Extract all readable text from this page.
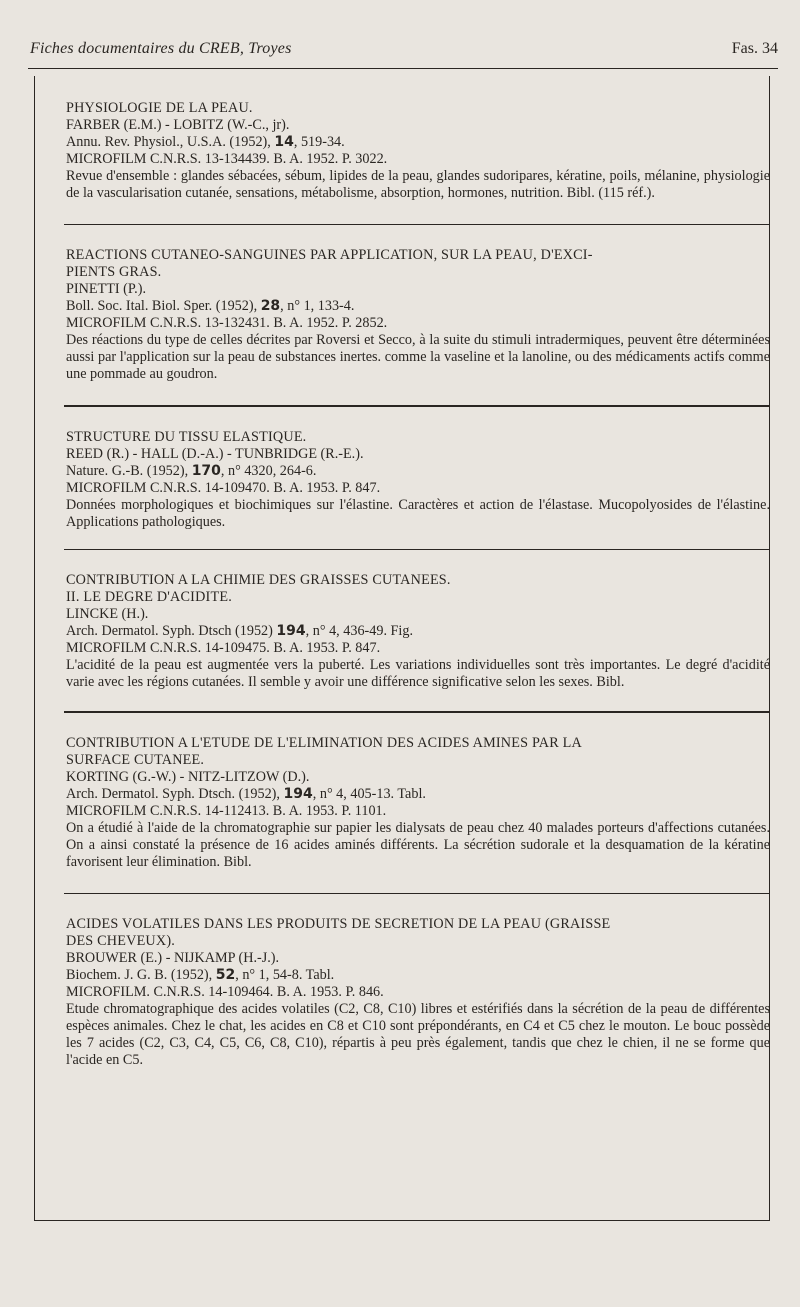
Fiches documentaires du CREB, Troyes	Fas. 34
PHYSIOLOGIE DE LA PEAU.
FARBER (E.M.) - LOBITZ (W.-C., jr).
Annu. Rev. Physiol., U.S.A. (1952), 14, 519-34.
MICROFILM C.N.R.S. 13-134439. B. A. 1952. P. 3022.
Revue d'ensemble : glandes sébacées, sébum, lipides de la peau, glandes sudoripares, kératine, poils, mélanine, physiologie de la vascularisation cutanée, sensations, métabolisme, absorption, hormones, nutrition. Bibl. (115 réf.).
REACTIONS CUTANEO-SANGUINES PAR APPLICATION, SUR LA PEAU, D'EXCI-
PIENTS GRAS.
PINETTI (P.).
Boll. Soc. Ital. Biol. Sper. (1952), 28, n° 1, 133-4.
MICROFILM C.N.R.S. 13-132431. B. A. 1952. P. 2852.
Des réactions du type de celles décrites par Roversi et Secco, à la suite du stimuli intradermiques, peuvent être déterminées aussi par l'application sur la peau de substances inertes. comme la vaseline et la lanoline, ou des médicaments actifs comme une pommade au goudron.
STRUCTURE DU TISSU ELASTIQUE.
REED (R.) - HALL (D.-A.) - TUNBRIDGE (R.-E.).
Nature. G.-B. (1952), 170, n° 4320, 264-6.
MICROFILM C.N.R.S. 14-109470. B. A. 1953. P. 847.
Données morphologiques et biochimiques sur l'élastine. Caractères et action de l'élastase. Mucopolyosides de l'élastine. Applications pathologiques.
CONTRIBUTION A LA CHIMIE DES GRAISSES CUTANEES.
II. LE DEGRE D'ACIDITE.
LINCKE (H.).
Arch. Dermatol. Syph. Dtsch (1952) 194, n° 4, 436-49. Fig.
MICROFILM C.N.R.S. 14-109475. B. A. 1953. P. 847.
L'acidité de la peau est augmentée vers la puberté. Les variations individuelles sont très importantes. Le degré d'acidité varie avec les régions cutanées. Il semble y avoir une différence significative selon les sexes. Bibl.
CONTRIBUTION A L'ETUDE DE L'ELIMINATION DES ACIDES AMINES PAR LA
SURFACE CUTANEE.
KORTING (G.-W.) - NITZ-LITZOW (D.).
Arch. Dermatol. Syph. Dtsch. (1952), 194, n° 4, 405-13. Tabl.
MICROFILM C.N.R.S. 14-112413. B. A. 1953. P. 1101.
On a étudié à l'aide de la chromatographie sur papier les dialysats de peau chez 40 malades porteurs d'affections cutanées. On a ainsi constaté la présence de 16 acides aminés différents. La sécrétion sudorale et la desquamation de la kératine favorisent leur élimination. Bibl.
ACIDES VOLATILES DANS LES PRODUITS DE SECRETION DE LA PEAU (GRAISSE
DES CHEVEUX).
BROUWER (E.) - NIJKAMP (H.-J.).
Biochem. J. G. B. (1952), 52, n° 1, 54-8. Tabl.
MICROFILM. C.N.R.S. 14-109464. B. A. 1953. P. 846.
Etude chromatographique des acides volatiles (C2, C8, C10) libres et estérifiés dans la sécrétion de la peau de différentes espèces animales. Chez le chat, les acides en C8 et C10 sont prépondérants, en C4 et C5 chez le mouton. Le bouc possède les 7 acides (C2, C3, C4, C5, C6, C8, C10), répartis à peu près également, tandis que chez le chien, il ne se forme que l'acide en C5.
